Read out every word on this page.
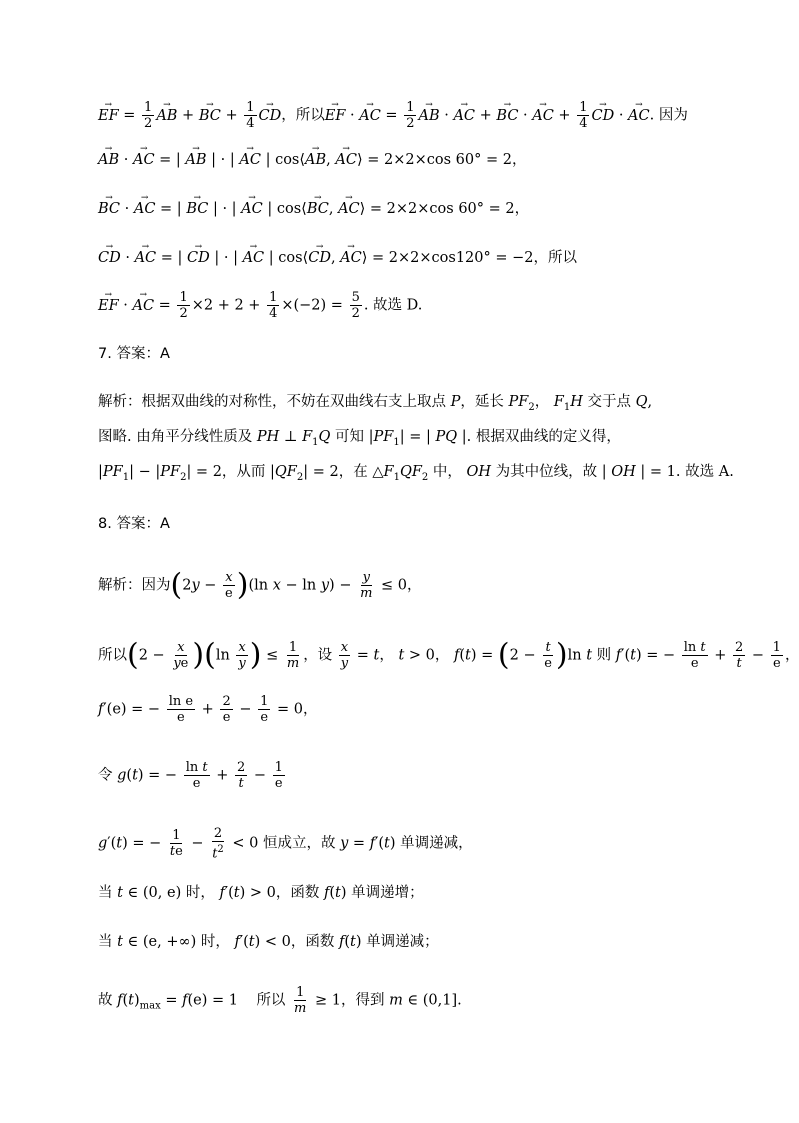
→ EF = $\frac{1}{2}$ → AB + → BC + $\frac{1}{4}$ → CD，所以→ EF · → AC = $\frac{1}{2}$ → AB · → AC + → BC · → AC + $\frac{1}{4}$ → CD · → AC. 因为
→ AB · → AC = | → AB | · | → AC | cos⟨→ AB, → AC⟩ = 2×2×cos 60° = 2，
→ BC · → AC = | → BC | · | → AC | cos⟨→ BC, → AC⟩ = 2×2×cos 60° = 2，
→ CD · → AC = | → CD | · | → AC | cos⟨→ CD, → AC⟩ = 2×2×cos120° = −2，所以
→ EF · → AC = $\frac{1}{2} \times 2 + 2 + \frac{1}{4} \times(-2) = \frac{5}{2}$ . 故选 D.
7. 答案：A
解析：根据双曲线的对称性，不妨在双曲线右支上取点 P，延长 $PF_2$， $F_1H$ 交于点 Q,
图略. 由角平分线性质及 PH ⊥ $F_1Q$ 可知 $|PF_1|$ = | PQ |. 根据双曲线的定义得，
$|PF_1| - |PF_2| = 2$，从而 $|QF_2| = 2$，在 $\triangle F_1QF_2$ 中， OH 为其中位线，故 | OH | = 1. 故选 A.
8. 答案：A
解析：因为$(2y - \frac{x}{e} )(\ln$ $x - \ln y) - \frac{y}{m} \le 0$，
所以$(2 - \frac{x}{ye} )(\ln \frac{x}{y}$ ) ≤ $\frac{1}{m}$ ，设 $\frac{x}{y} = t$， t > 0， $f(t) = (2 - \frac{t}{e} )\ln$ t 则 f′(t) = − $\frac{\text{ln t}}{e} + \frac{2}{t} - \frac{1}{e}$ ，
f′(e) = − $\frac{\text{ln e}}{e} + \frac{2}{e} - \frac{1}{e} = 0$，
令 g(t) = − $\frac{\text{ln t}}{e} + \frac{2}{t} - \frac{1}{e}$
g′(t) = − $\frac{1}{te} - \frac{2}{t^2} < 0$ 恒成立，故 y = f′(t) 单调递减，
当 t ∈ (0, e) 时， f′(t) > 0，函数 f(t) 单调递增；
当 t ∈ (e, +∞) 时， f′(t) < 0，函数 f(t) 单调递减；
故 $f(t)_{max} = f(e) = 1$    所以 $\frac{1}{m} \ge 1$，得到 m ∈ (0,1].
